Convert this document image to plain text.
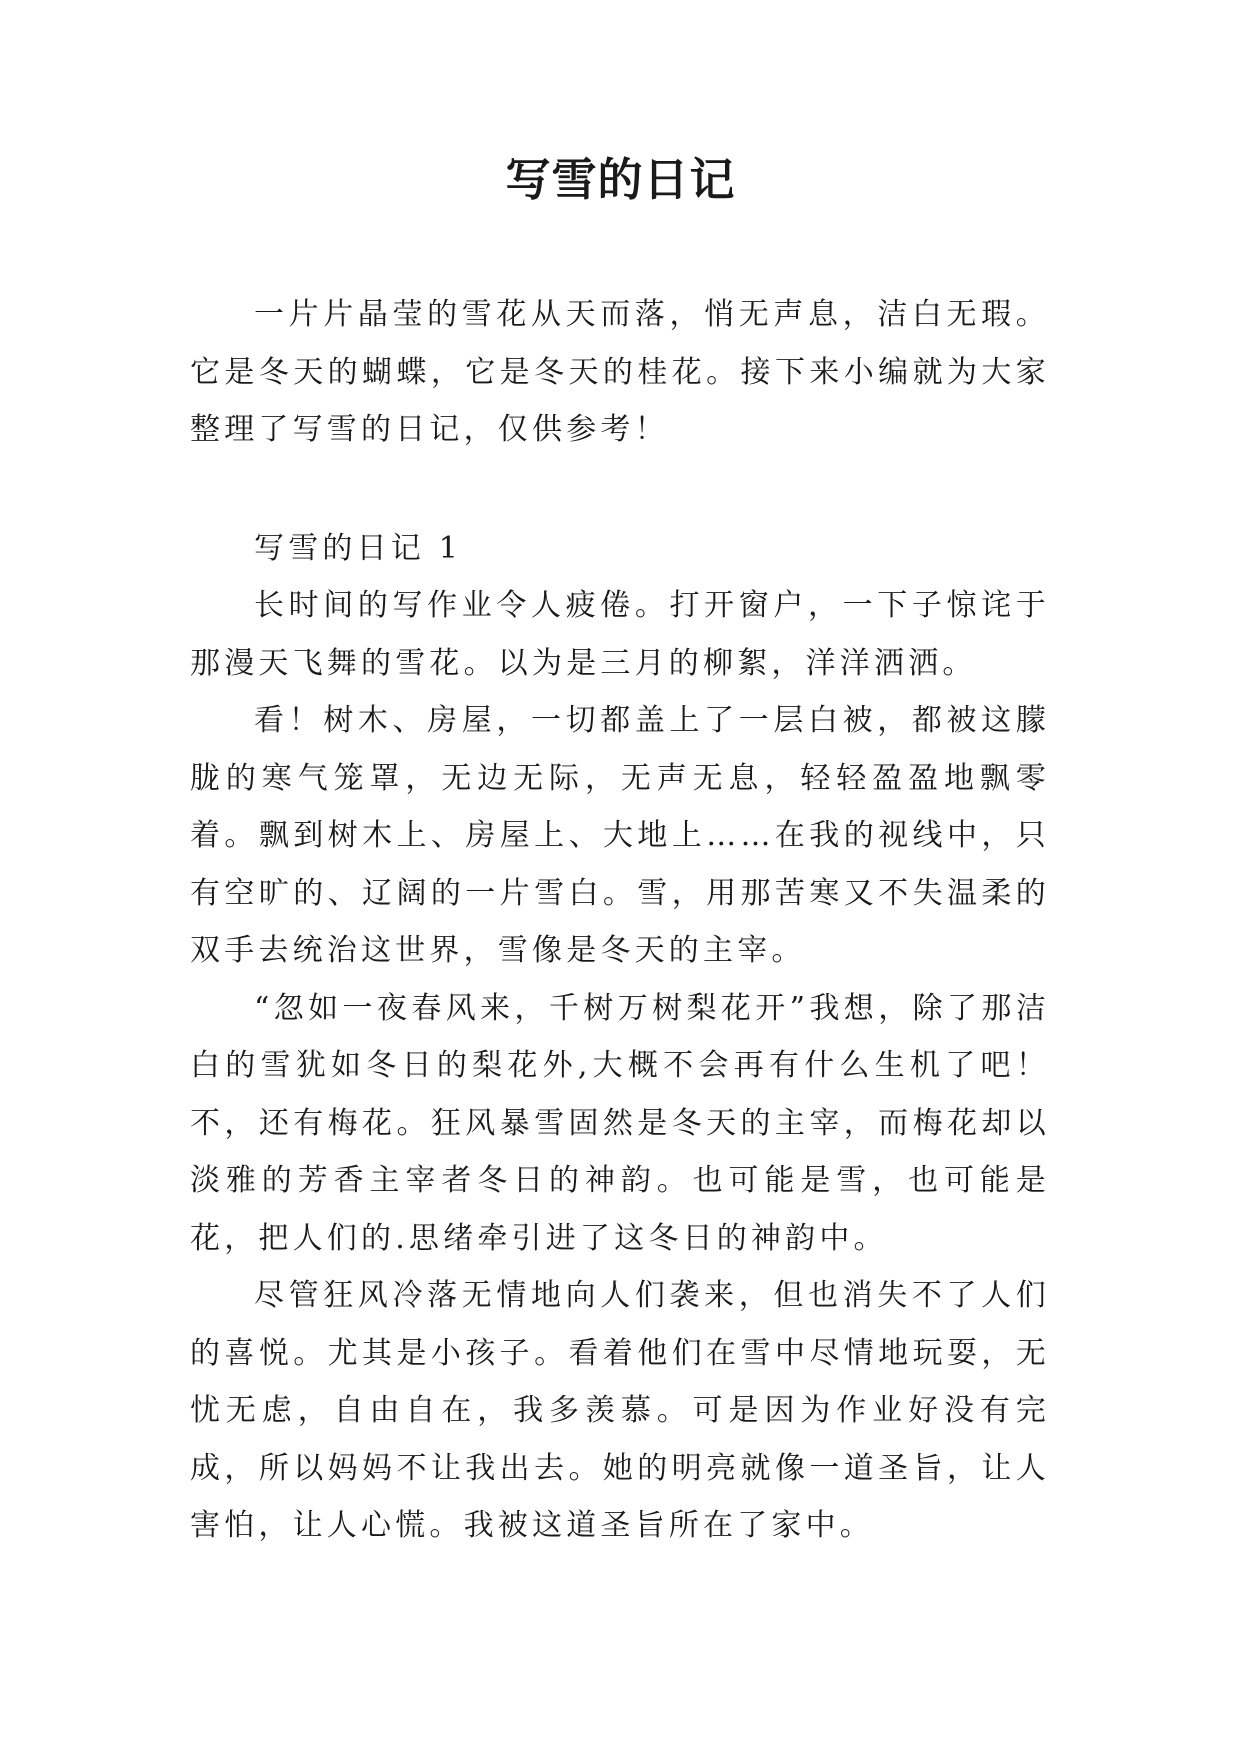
写雪的日记

一片片晶莹的雪花从天而落，悄无声息，洁白无瑕。它是冬天的蝴蝶，它是冬天的桂花。接下来小编就为大家整理了写雪的日记，仅供参考！

写雪的日记 1

长时间的写作业令人疲倦。打开窗户，一下子惊诧于那漫天飞舞的雪花。以为是三月的柳絮，洋洋洒洒。

看！树木、房屋，一切都盖上了一层白被，都被这朦胧的寒气笼罩，无边无际，无声无息，轻轻盈盈地飘零着。飘到树木上、房屋上、大地上……在我的视线中，只有空旷的、辽阔的一片雪白。雪，用那苦寒又不失温柔的双手去统治这世界，雪像是冬天的主宰。

“忽如一夜春风来，千树万树梨花开”我想，除了那洁白的雪犹如冬日的梨花外,大概不会再有什么生机了吧！不，还有梅花。狂风暴雪固然是冬天的主宰，而梅花却以淡雅的芳香主宰者冬日的神韵。也可能是雪，也可能是花，把人们的.思绪牵引进了这冬日的神韵中。

尽管狂风冷落无情地向人们袭来，但也消失不了人们的喜悦。尤其是小孩子。看着他们在雪中尽情地玩耍，无忧无虑，自由自在，我多羡慕。可是因为作业好没有完成，所以妈妈不让我出去。她的明亮就像一道圣旨，让人害怕，让人心慌。我被这道圣旨所在了家中。
